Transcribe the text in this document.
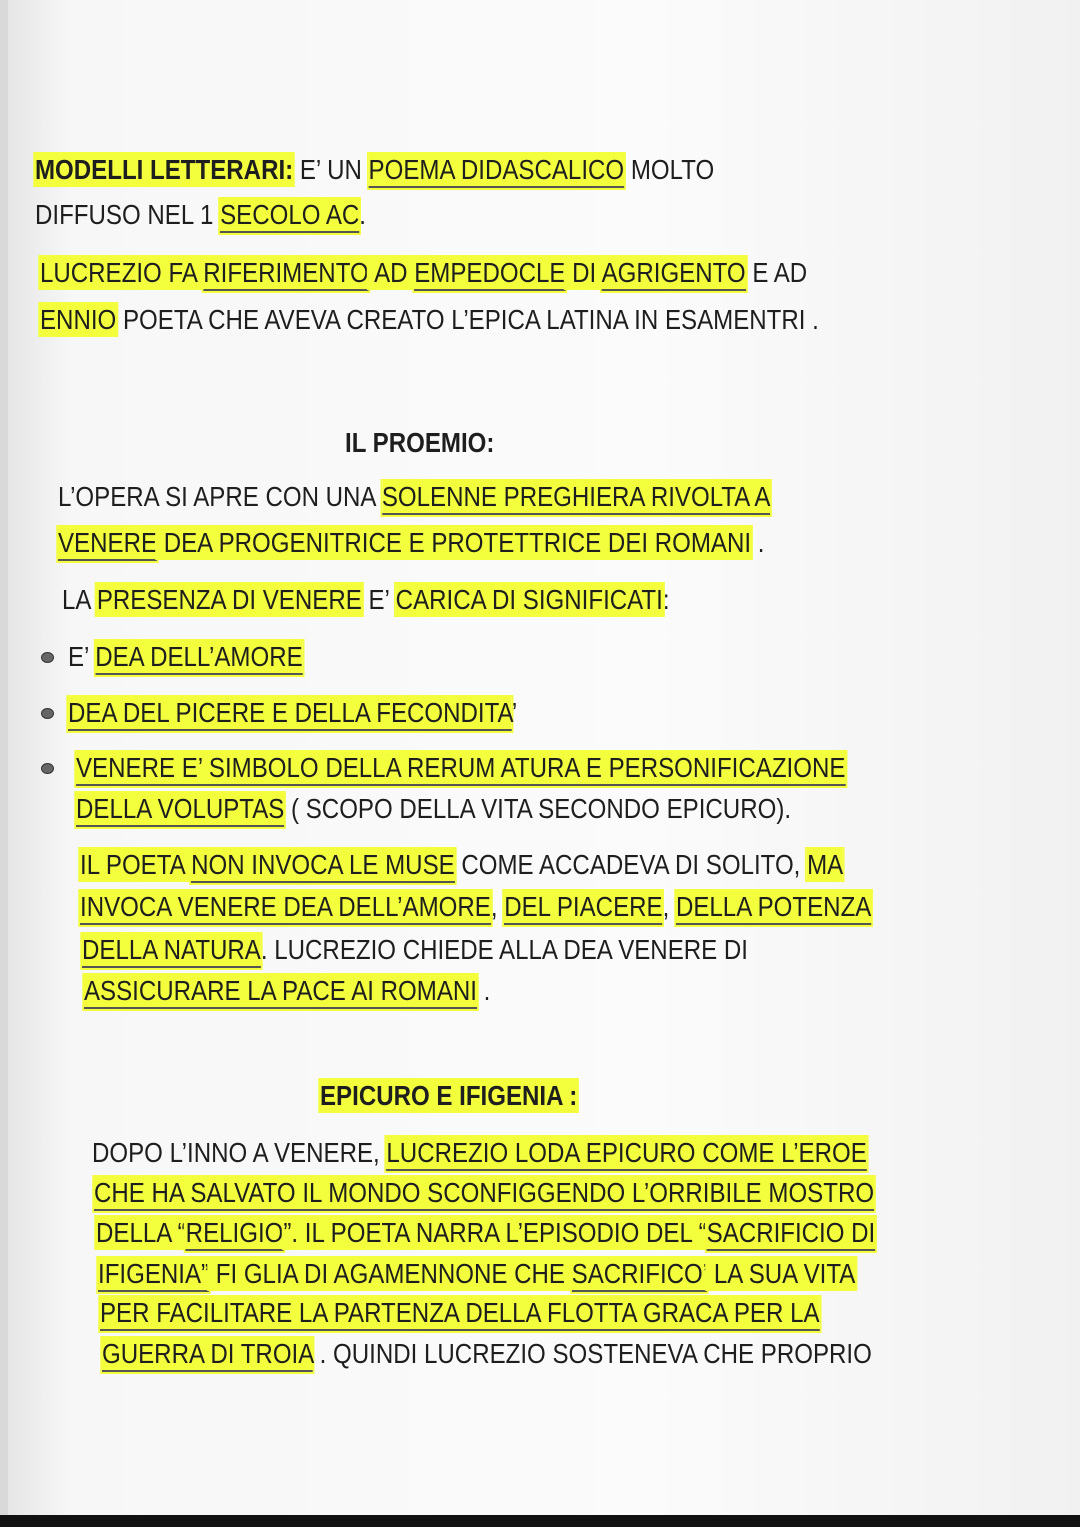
MODELLI LETTERARI: E’ UN POEMA DIDASCALICO MOLTO
DIFFUSO NEL 1 SECOLO AC.
LUCREZIO FA RIFERIMENTO AD EMPEDOCLE DI AGRIGENTO E AD
ENNIO POETA CHE AVEVA CREATO L’EPICA LATINA IN ESAMENTRI .
IL PROEMIO:
L’OPERA SI APRE CON UNA SOLENNE PREGHIERA RIVOLTA A
VENERE DEA PROGENITRICE E PROTETTRICE DEI ROMANI .
LA PRESENZA DI VENERE E’ CARICA DI SIGNIFICATI:
E’ DEA DELL’AMORE
DEA DEL PICERE E DELLA FECONDITA’
VENERE E’ SIMBOLO DELLA RERUM ATURA E PERSONIFICAZIONE
DELLA VOLUPTAS ( SCOPO DELLA VITA SECONDO EPICURO).
IL POETA NON INVOCA LE MUSE COME ACCADEVA DI SOLITO, MA
INVOCA VENERE DEA DELL’AMORE, DEL PIACERE, DELLA POTENZA
DELLA NATURA. LUCREZIO CHIEDE ALLA DEA VENERE DI
ASSICURARE LA PACE AI ROMANI .
EPICURO E IFIGENIA :
DOPO L’INNO A VENERE, LUCREZIO LODA EPICURO COME L’EROE
CHE HA SALVATO IL MONDO SCONFIGGENDO L’ORRIBILE MOSTRO
DELLA “RELIGIO”. IL POETA NARRA L’EPISODIO DEL “SACRIFICIO DI
IFIGENIA” FI GLIA DI AGAMENNONE CHE SACRIFICO’ LA SUA VITA
PER FACILITARE LA PARTENZA DELLA FLOTTA GRACA PER LA
GUERRA DI TROIA . QUINDI LUCREZIO SOSTENEVA CHE PROPRIO
